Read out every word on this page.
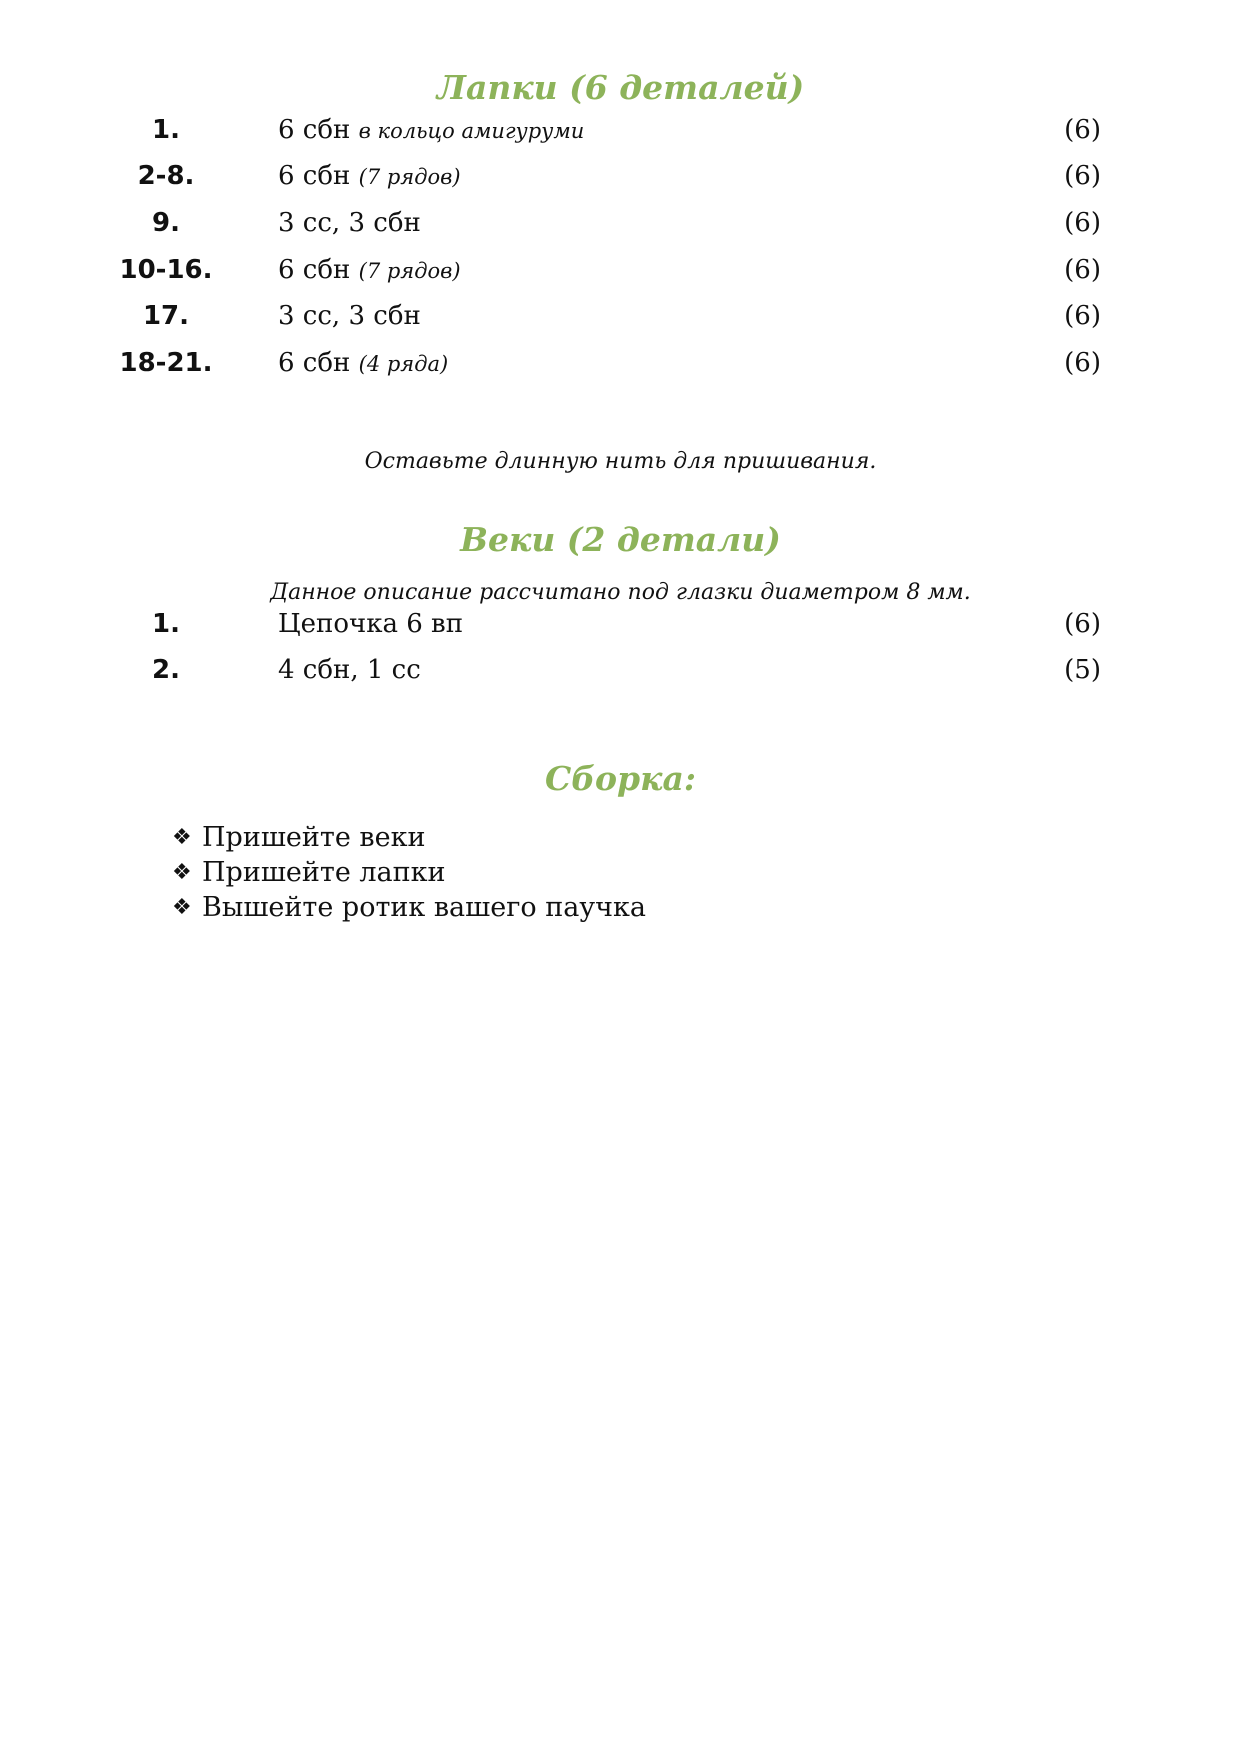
Лапки (6 деталей)
1.	6 сбн в кольцо амигуруми	(6)
2-8.	6 сбн (7 рядов)	(6)
9.	3 сс, 3 сбн	(6)
10-16.	6 сбн (7 рядов)	(6)
17.	3 сс, 3 сбн	(6)
18-21.	6 сбн (4 ряда)	(6)

Оставьте длинную нить для пришивания.

Веки (2 детали)

Данное описание рассчитано под глазки диаметром 8 мм.

1.	Цепочка 6 вп	(6)
2.	4 сбн, 1 сс	(5)
Сборка:
❖ Пришейте веки
❖ Пришейте лапки
❖ Вышейте ротик вашего паучка
